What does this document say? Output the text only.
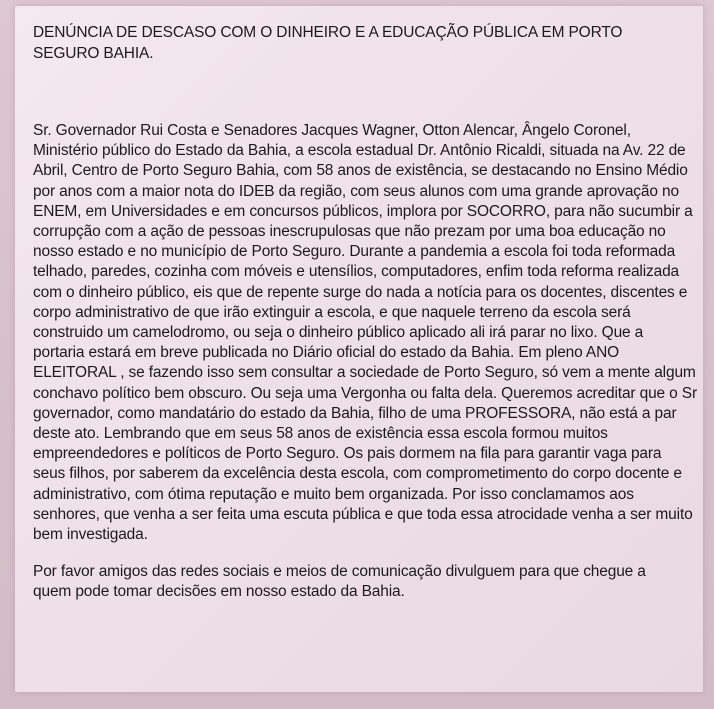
DENÚNCIA DE DESCASO COM O DINHEIRO E A EDUCAÇÃO PÚBLICA EM PORTO SEGURO BAHIA.

Sr. Governador Rui Costa e Senadores Jacques Wagner, Otton Alencar, Ângelo Coronel, Ministério público do Estado da Bahia, a escola estadual Dr. Antônio Ricaldi, situada na Av. 22 de Abril, Centro de Porto Seguro Bahia, com 58 anos de existência, se destacando no Ensino Médio por anos com a maior nota do IDEB da região, com seus alunos com uma grande aprovação no ENEM, em Universidades e em concursos públicos, implora por SOCORRO, para não sucumbir a corrupção com a ação de pessoas inescrupulosas que não prezam por uma boa educação no nosso estado e no município de Porto Seguro. Durante a pandemia a escola foi toda reformada telhado, paredes, cozinha com móveis e utensílios, computadores, enfim toda reforma realizada com o dinheiro público, eis que de repente surge do nada a notícia para os docentes, discentes e corpo administrativo de que irão extinguir a escola, e que naquele terreno da escola será construido um camelodromo, ou seja o dinheiro público aplicado ali irá parar no lixo. Que a portaria estará em breve publicada no Diário oficial do estado da Bahia. Em pleno ANO ELEITORAL , se fazendo isso sem consultar a sociedade de Porto Seguro, só vem a mente algum conchavo político bem obscuro. Ou seja uma Vergonha ou falta dela. Queremos acreditar que o Sr governador, como mandatário do estado da Bahia, filho de uma PROFESSORA, não está a par deste ato. Lembrando que em seus 58 anos de existência essa escola formou muitos empreendedores e políticos de Porto Seguro. Os pais dormem na fila para garantir vaga para seus filhos, por saberem da excelência desta escola, com comprometimento do corpo docente e administrativo, com ótima reputação e muito bem organizada. Por isso conclamamos aos senhores, que venha a ser feita uma escuta pública e que toda essa atrocidade venha a ser muito bem investigada.

Por favor amigos das redes sociais e meios de comunicação divulguem para que chegue a quem pode tomar decisões em nosso estado da Bahia.
